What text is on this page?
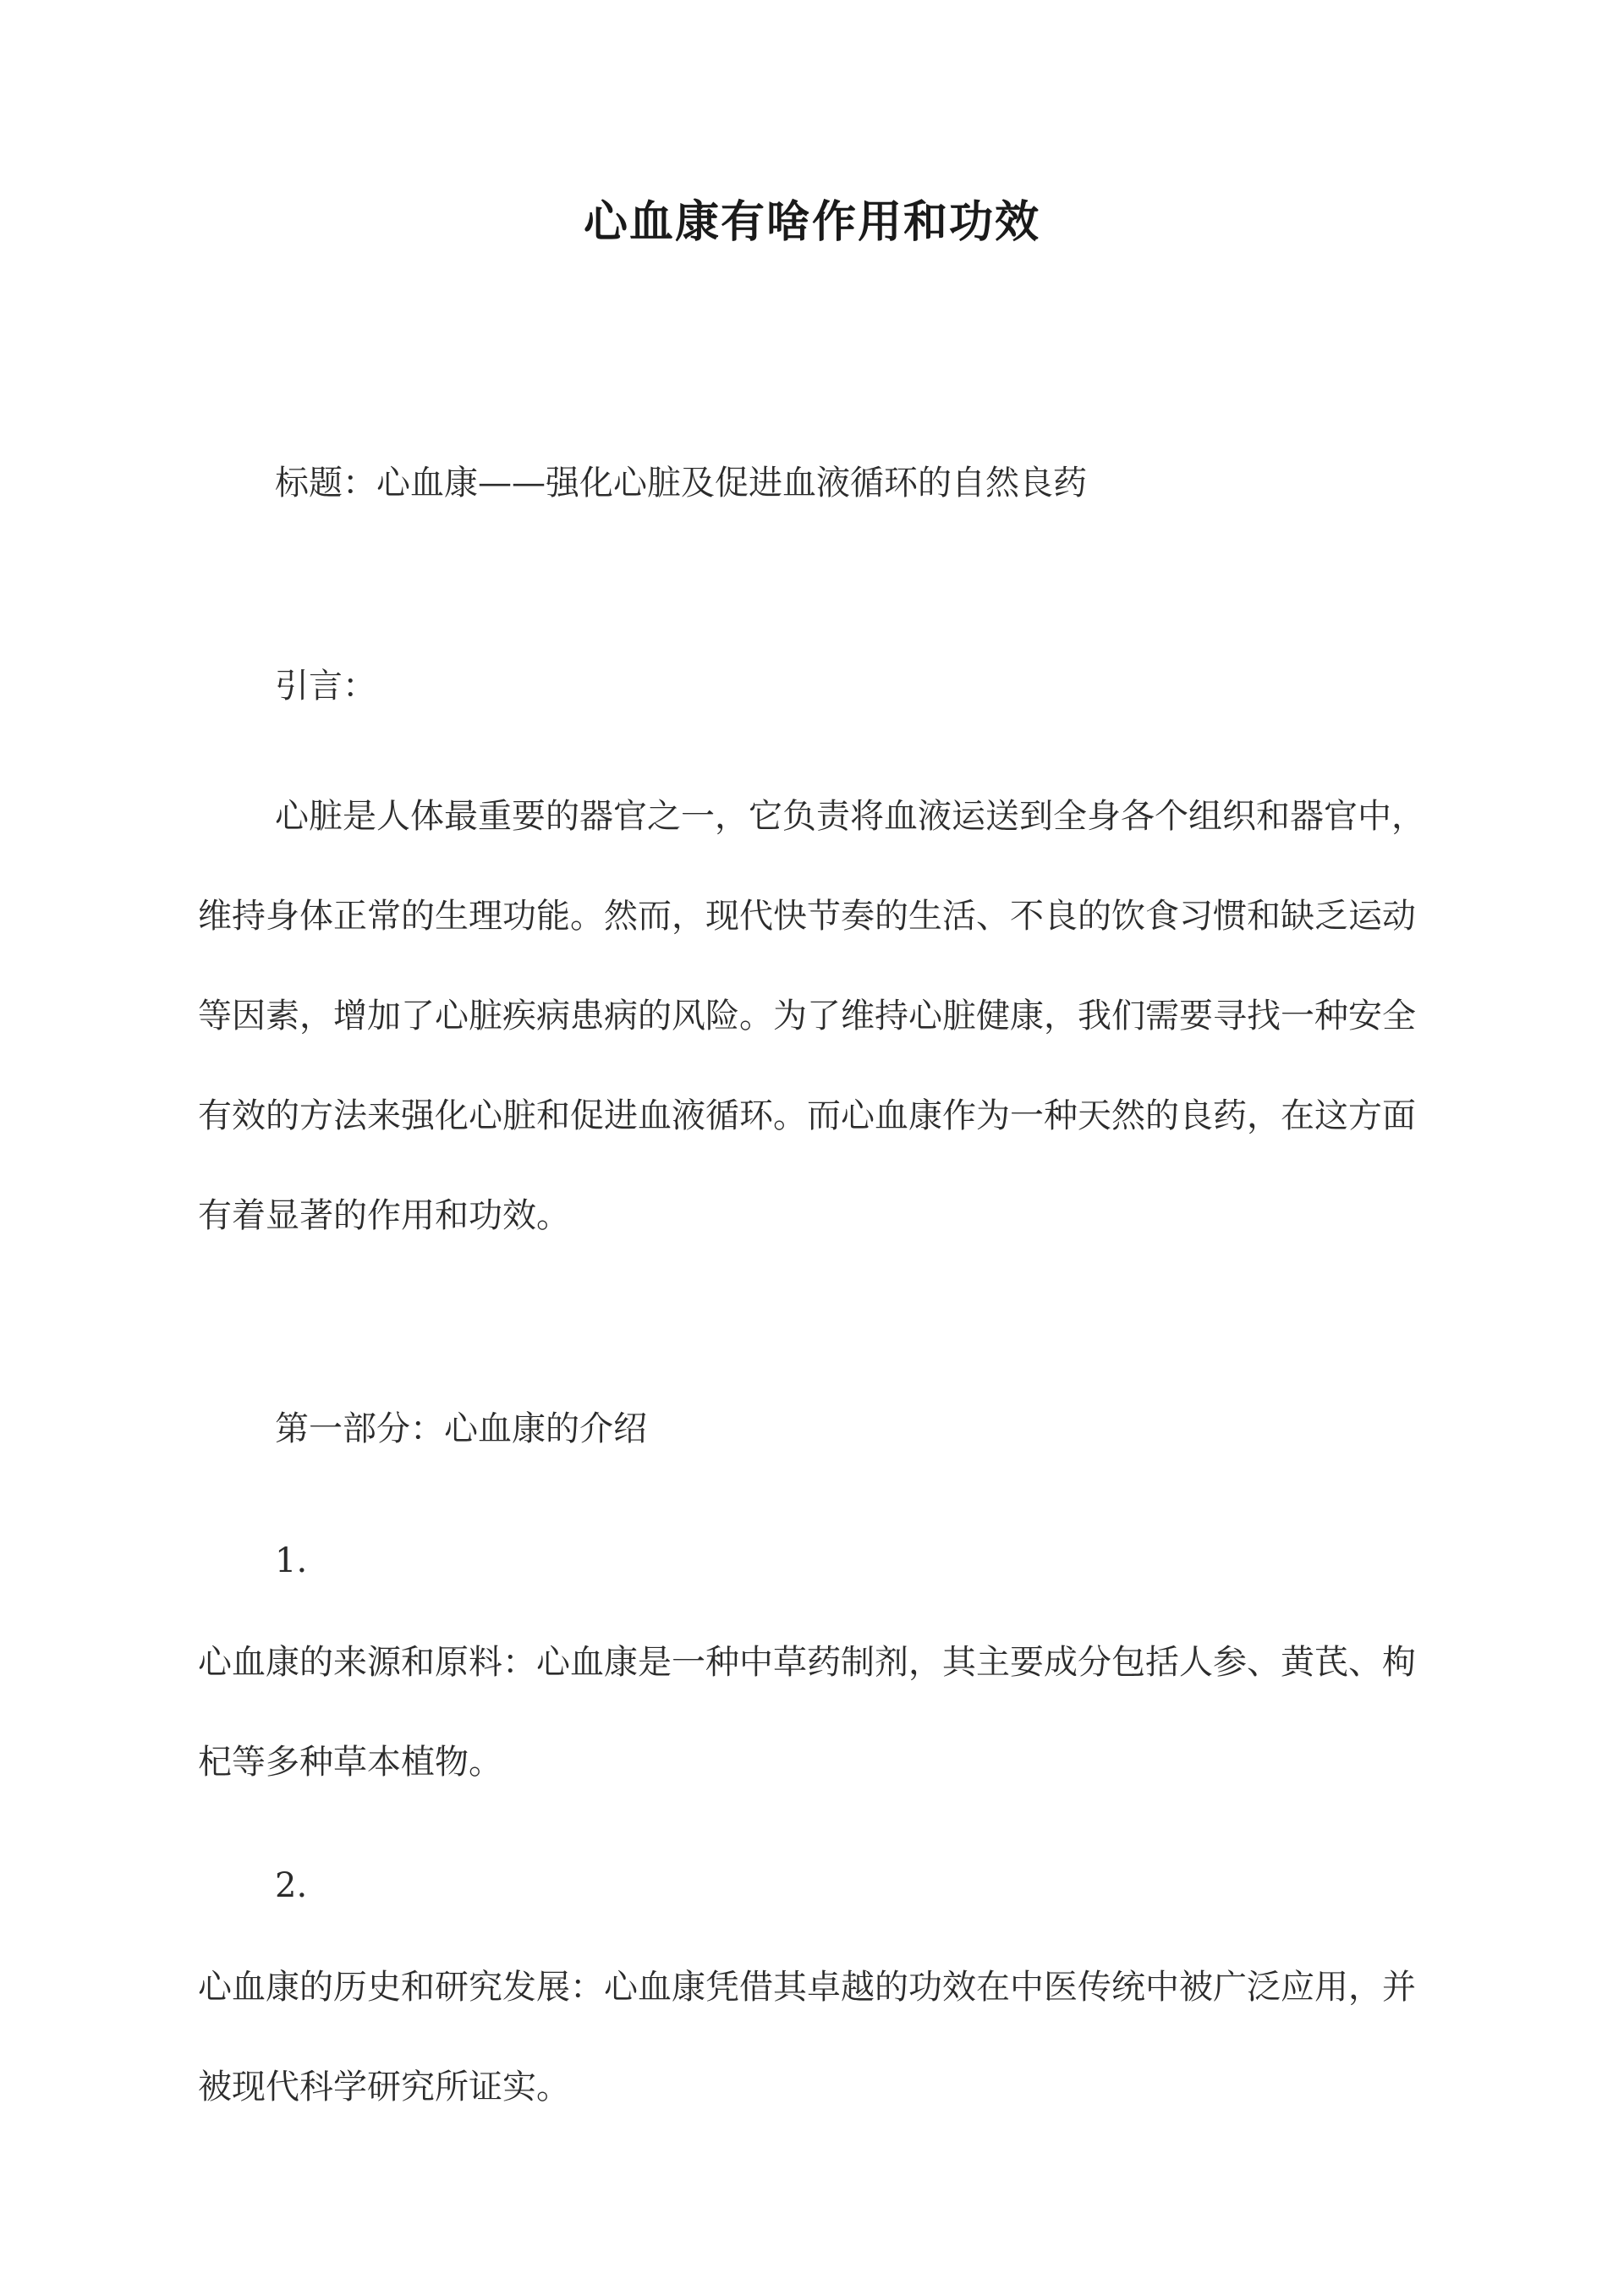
心血康有啥作用和功效

标题：心血康——强化心脏及促进血液循环的自然良药

引言：

心脏是人体最重要的器官之一，它负责将血液运送到全身各个组织和器官中，维持身体正常的生理功能。然而，现代快节奏的生活、不良的饮食习惯和缺乏运动等因素，增加了心脏疾病患病的风险。为了维持心脏健康，我们需要寻找一种安全有效的方法来强化心脏和促进血液循环。而心血康作为一种天然的良药，在这方面有着显著的作用和功效。

第一部分：心血康的介绍

1.

心血康的来源和原料：心血康是一种中草药制剂，其主要成分包括人参、黄芪、枸杞等多种草本植物。

2.

心血康的历史和研究发展：心血康凭借其卓越的功效在中医传统中被广泛应用，并被现代科学研究所证实。
